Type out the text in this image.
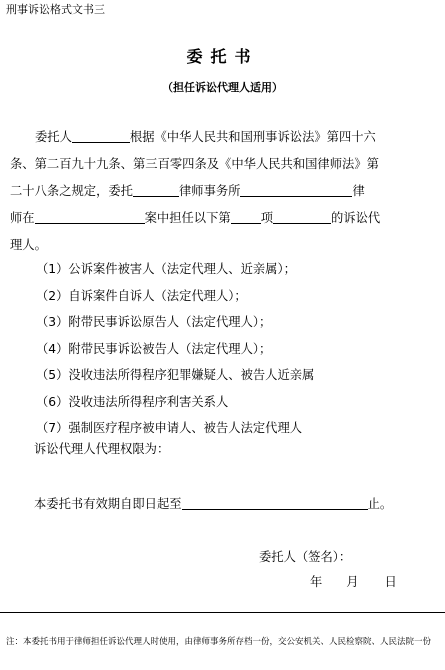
刑事诉讼格式文书三
委托书
（担任诉讼代理人适用）
委托人	根据《中华人民共和国刑事诉讼法》第四十六
条、第二百九十九条、第三百零四条及《中华人民共和国律师法》第
二十八条之规定，委托	律师事务所	律
师在	案中担任以下第 项	的诉讼代
理人。
（1）公诉案件被害人（法定代理人、近亲属）；
（2）自诉案件自诉人（法定代理人）；
（3）附带民事诉讼原告人（法定代理人）；
（4）附带民事诉讼被告人（法定代理人）；
（5）没收违法所得程序犯罪嫌疑人、被告人近亲属
（6）没收违法所得程序利害关系人
（7）强制医疗程序被申请人、被告人法定代理人
诉讼代理人代理权限为：
本委托书有效期自即日起至	止。
委托人（签名）：
年 月 日
注：本委托书用于律师担任诉讼代理人时使用，由律师事务所存档一份，交公安机关、人民检察院、人民法院一份
